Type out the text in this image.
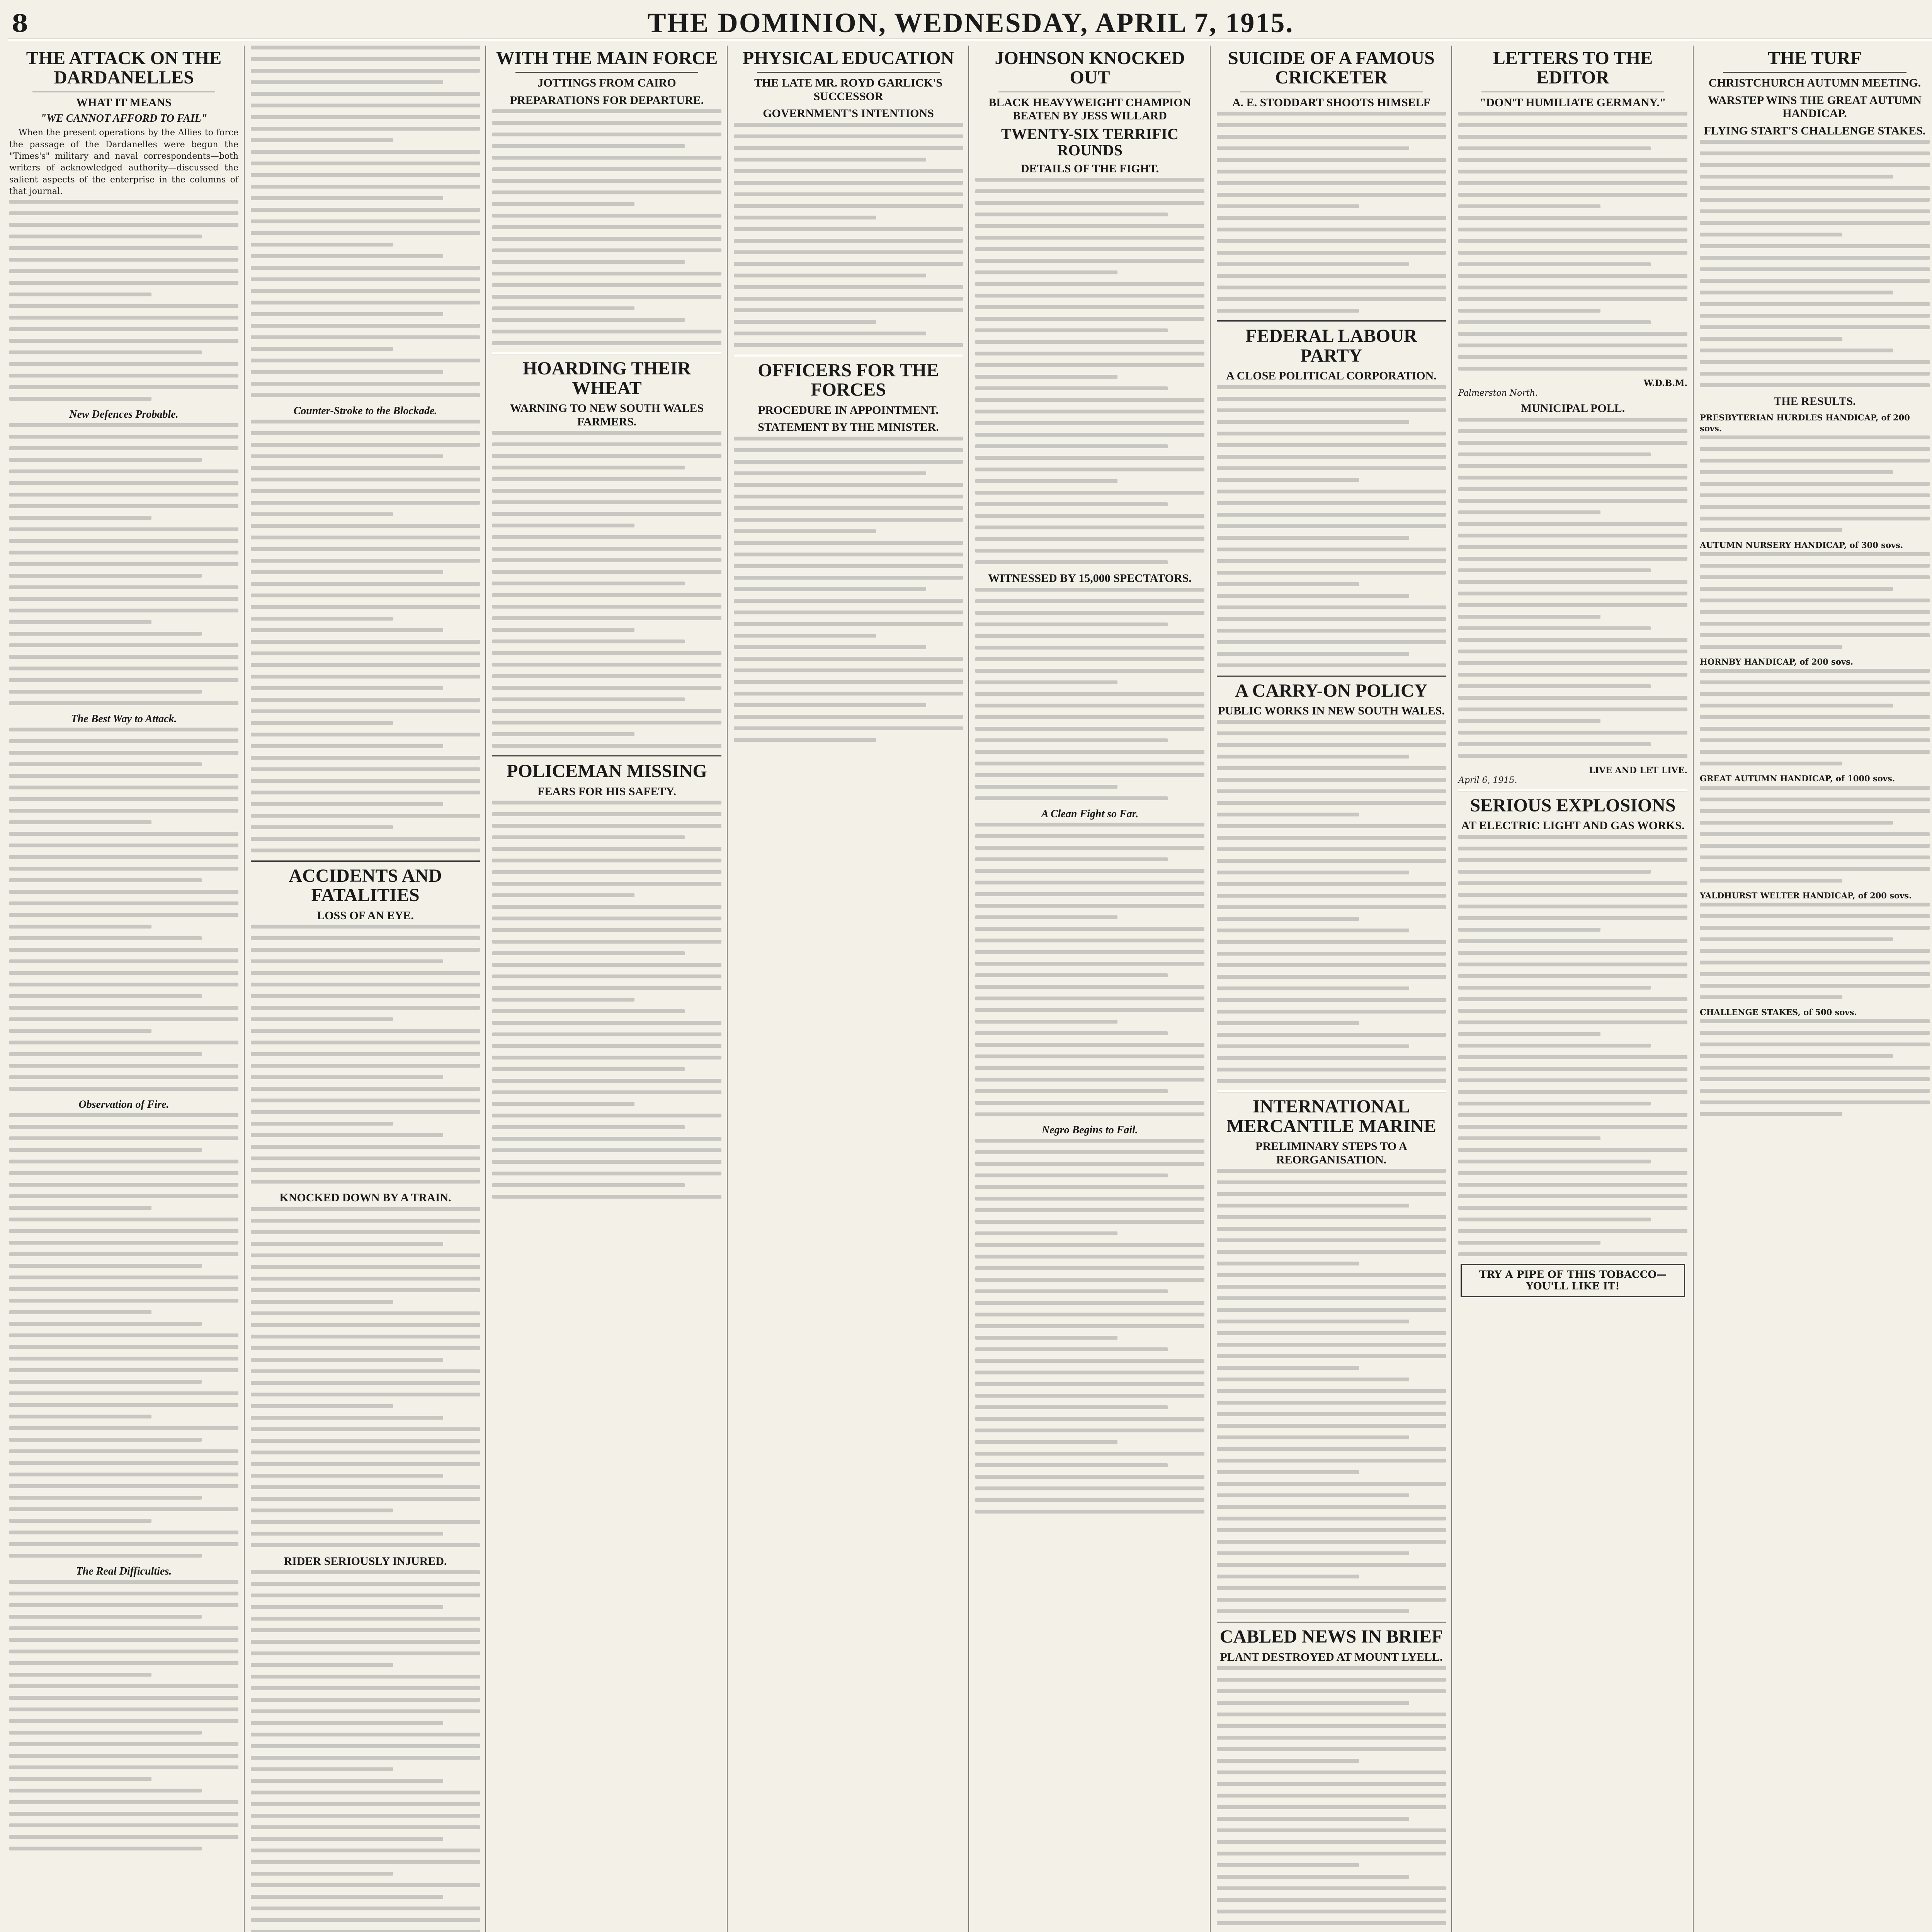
8	THE DOMINION, WEDNESDAY, APRIL 7, 1915.
THE ATTACK ON THE DARDANELLES
WHAT IT MEANS
"WE CANNOT AFFORD TO FAIL"

When the present operations by the Allies to force the passage of the Dardanelles were begun the "Times's" military and naval correspondents—both writers of acknowledged authority—discussed the salient aspects of the enterprise in the columns of that journal.

New Defences Probable.
The Best Way to Attack.
Observation of Fire.
The Real Difficulties.
Counter-Stroke to the Blockade.
ACCIDENTS AND FATALITIES
LOSS OF AN EYE.
KNOCKED DOWN BY A TRAIN.
RIDER SERIOUSLY INJURED.

WITH THE MAIN FORCE
JOTTINGS FROM CAIRO
PREPARATIONS FOR DEPARTURE.
HOARDING THEIR WHEAT
WARNING TO NEW SOUTH WALES FARMERS.
POLICEMAN MISSING
FEARS FOR HIS SAFETY.
PHYSICAL EDUCATION
THE LATE MR. ROYD GARLICK'S SUCCESSOR
GOVERNMENT'S INTENTIONS
OFFICERS FOR THE FORCES
PROCEDURE IN APPOINTMENT.
STATEMENT BY THE MINISTER.
JOHNSON KNOCKED OUT
BLACK HEAVYWEIGHT CHAMPION BEATEN BY JESS WILLARD
TWENTY-SIX TERRIFIC ROUNDS
DETAILS OF THE FIGHT.
WITNESSED BY 15,000 SPECTATORS.
A Clean Fight so Far.
Negro Begins to Fail.
SUICIDE OF A FAMOUS CRICKETER
A. E. STODDART SHOOTS HIMSELF
FEDERAL LABOUR PARTY
A CLOSE POLITICAL CORPORATION.
A CARRY-ON POLICY
PUBLIC WORKS IN NEW SOUTH WALES.
INTERNATIONAL MERCANTILE MARINE
PRELIMINARY STEPS TO A REORGANISATION.
CABLED NEWS IN BRIEF
PLANT DESTROYED AT MOUNT LYELL.
LETTERS TO THE EDITOR
"DON'T HUMILIATE GERMANY."
W.D.B.M.
Palmerston North.
MUNICIPAL POLL.
LIVE AND LET LIVE.
April 6, 1915.
SERIOUS EXPLOSIONS
AT ELECTRIC LIGHT AND GAS WORKS.
TRY A PIPE OF THIS TOBACCO—YOU'LL LIKE IT!
THE TURF
CHRISTCHURCH AUTUMN MEETING.
WARSTEP WINS THE GREAT AUTUMN HANDICAP.
FLYING START'S CHALLENGE STAKES.
THE RESULTS.
PRESBYTERIAN HURDLES HANDICAP, of 200 sovs.
AUTUMN NURSERY HANDICAP, of 300 sovs.
HORNBY HANDICAP, of 200 sovs.
GREAT AUTUMN HANDICAP, of 1000 sovs.
YALDHURST WELTER HANDICAP, of 200 sovs.
CHALLENGE STAKES, of 500 sovs.
